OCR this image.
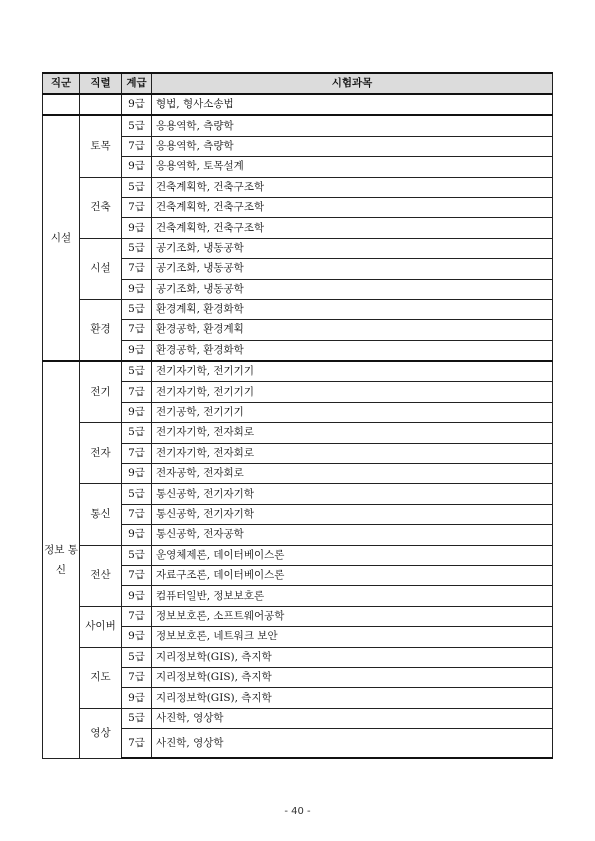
직군	직렬	계급	시험과목
		9급	형법, 형사소송법
시설	토목	5급	응용역학, 측량학
		7급	응용역학, 측량학
		9급	응용역학, 토목설계
	건축	5급	건축계획학, 건축구조학
		7급	건축계획학, 건축구조학
		9급	건축계획학, 건축구조학
	시설	5급	공기조화, 냉동공학
		7급	공기조화, 냉동공학
		9급	공기조화, 냉동공학
	환경	5급	환경계획, 환경화학
		7급	환경공학, 환경계획
		9급	환경공학, 환경화학
정보 통신	전기	5급	전기자기학, 전기기기
		7급	전기자기학, 전기기기
		9급	전기공학, 전기기기
	전자	5급	전기자기학, 전자회로
		7급	전기자기학, 전자회로
		9급	전자공학, 전자회로
	통신	5급	통신공학, 전기자기학
		7급	통신공학, 전기자기학
		9급	통신공학, 전자공학
	전산	5급	운영체제론, 데이터베이스론
		7급	자료구조론, 데이터베이스론
		9급	컴퓨터일반, 정보보호론
	사이버	7급	정보보호론, 소프트웨어공학
		9급	정보보호론, 네트워크 보안
	지도	5급	지리정보학(GIS), 측지학
		7급	지리정보학(GIS), 측지학
		9급	지리정보학(GIS), 측지학
	영상	5급	사진학, 영상학
		7급	사진학, 영상학
- 40 -
